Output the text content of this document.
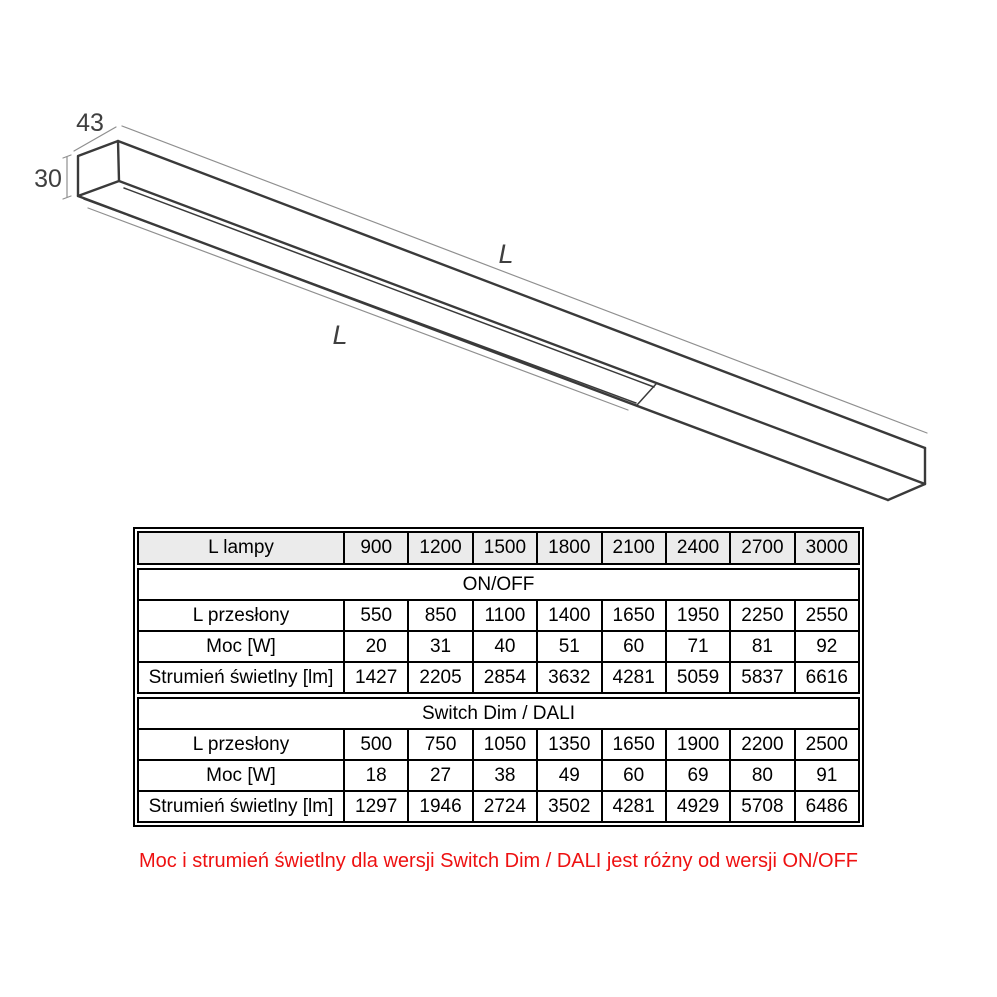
43
30
L
L
L lampy	900	1200	1500	1800	2100	2400	2700	3000
ON/OFF								
L przesłony	550	850	1100	1400	1650	1950	2250	2550
Moc [W]	20	31	40	51	60	71	81	92
Strumień świetlny [lm]	1427	2205	2854	3632	4281	5059	5837	6616
Switch Dim / DALI								
L przesłony	500	750	1050	1350	1650	1900	2200	2500
Moc [W]	18	27	38	49	60	69	80	91
Strumień świetlny [lm]	1297	1946	2724	3502	4281	4929	5708	6486
Moc i strumień świetlny dla wersji Switch Dim / DALI jest różny od wersji ON/OFF
